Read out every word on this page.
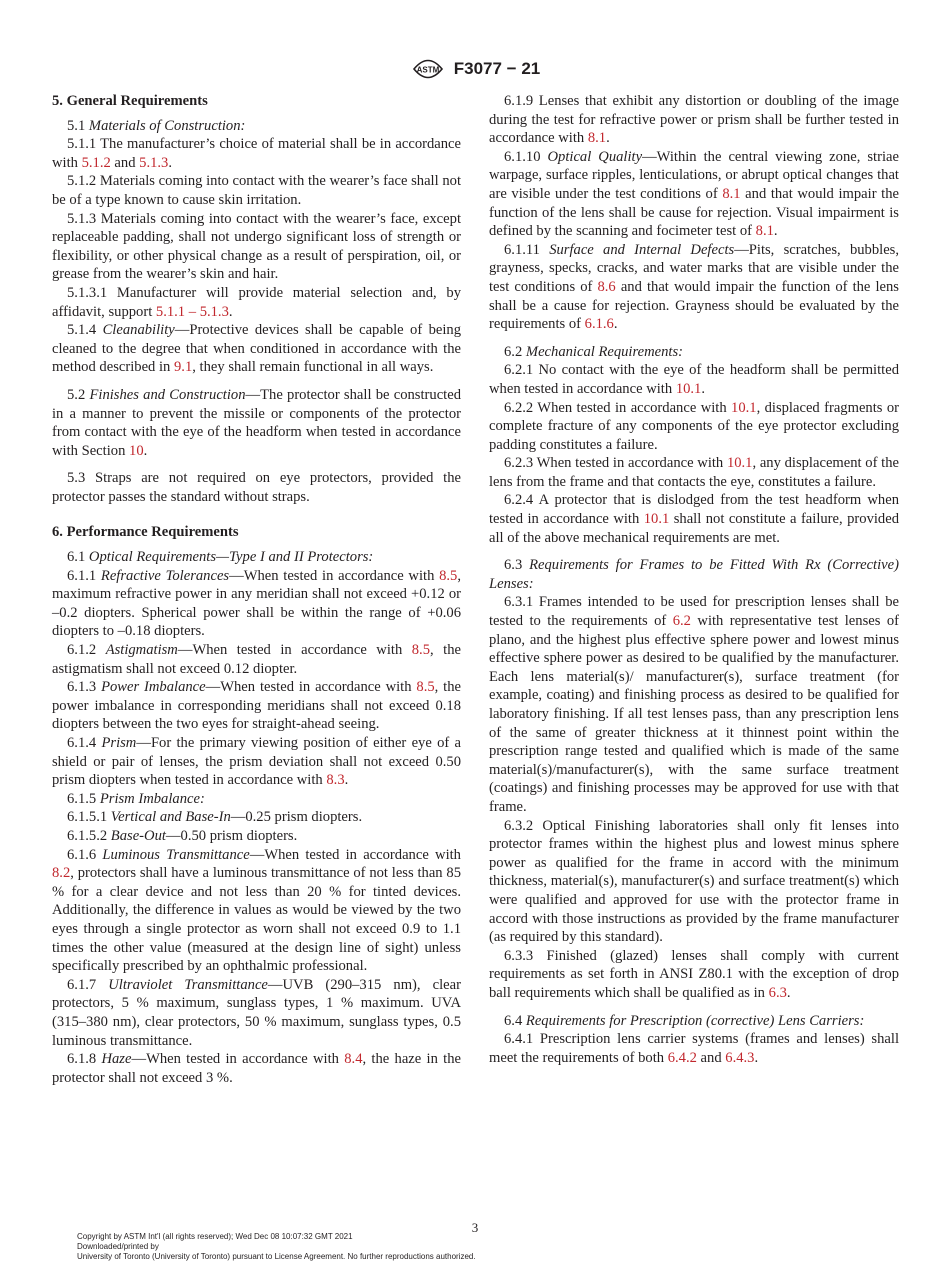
ASTM F3077 − 21
5. General Requirements

5.1 Materials of Construction:

5.1.1 The manufacturer’s choice of material shall be in accordance with 5.1.2 and 5.1.3.

5.1.2 Materials coming into contact with the wearer’s face shall not be of a type known to cause skin irritation.

5.1.3 Materials coming into contact with the wearer’s face, except replaceable padding, shall not undergo significant loss of strength or flexibility, or other physical change as a result of perspiration, oil, or grease from the wearer’s skin and hair.

5.1.3.1 Manufacturer will provide material selection and, by affidavit, support 5.1.1 – 5.1.3.

5.1.4 Cleanability—Protective devices shall be capable of being cleaned to the degree that when conditioned in accordance with the method described in 9.1, they shall remain functional in all ways.

5.2 Finishes and Construction—The protector shall be constructed in a manner to prevent the missile or components of the protector from contact with the eye of the headform when tested in accordance with Section 10.

5.3 Straps are not required on eye protectors, provided the protector passes the standard without straps.

6. Performance Requirements

6.1 Optical Requirements—Type I and II Protectors:

6.1.1 Refractive Tolerances—When tested in accordance with 8.5, maximum refractive power in any meridian shall not exceed +0.12 or –0.2 diopters. Spherical power shall be within the range of +0.06 diopters to –0.18 diopters.

6.1.2 Astigmatism—When tested in accordance with 8.5, the astigmatism shall not exceed 0.12 diopter.

6.1.3 Power Imbalance—When tested in accordance with 8.5, the power imbalance in corresponding meridians shall not exceed 0.18 diopters between the two eyes for straight-ahead seeing.

6.1.4 Prism—For the primary viewing position of either eye of a shield or pair of lenses, the prism deviation shall not exceed 0.50 prism diopters when tested in accordance with 8.3.

6.1.5 Prism Imbalance:

6.1.5.1 Vertical and Base-In—0.25 prism diopters.

6.1.5.2 Base-Out—0.50 prism diopters.

6.1.6 Luminous Transmittance—When tested in accordance with 8.2, protectors shall have a luminous transmittance of not less than 85 % for a clear device and not less than 20 % for tinted devices. Additionally, the difference in values as would be viewed by the two eyes through a single protector as worn shall not exceed 0.9 to 1.1 times the other value (measured at the design line of sight) unless specifically prescribed by an ophthalmic professional.

6.1.7 Ultraviolet Transmittance—UVB (290–315 nm), clear protectors, 5 % maximum, sunglass types, 1 % maximum. UVA (315–380 nm), clear protectors, 50 % maximum, sunglass types, 0.5 luminous transmittance.

6.1.8 Haze—When tested in accordance with 8.4, the haze in the protector shall not exceed 3 %.

6.1.9 Lenses that exhibit any distortion or doubling of the image during the test for refractive power or prism shall be further tested in accordance with 8.1.

6.1.10 Optical Quality—Within the central viewing zone, striae warpage, surface ripples, lenticulations, or abrupt optical changes that are visible under the test conditions of 8.1 and that would impair the function of the lens shall be cause for rejection. Visual impairment is defined by the scanning and focimeter test of 8.1.

6.1.11 Surface and Internal Defects—Pits, scratches, bubbles, grayness, specks, cracks, and water marks that are visible under the test conditions of 8.6 and that would impair the function of the lens shall be a cause for rejection. Grayness should be evaluated by the requirements of 6.1.6.

6.2 Mechanical Requirements:

6.2.1 No contact with the eye of the headform shall be permitted when tested in accordance with 10.1.

6.2.2 When tested in accordance with 10.1, displaced fragments or complete fracture of any components of the eye protector excluding padding constitutes a failure.

6.2.3 When tested in accordance with 10.1, any displacement of the lens from the frame and that contacts the eye, constitutes a failure.

6.2.4 A protector that is dislodged from the test headform when tested in accordance with 10.1 shall not constitute a failure, provided all of the above mechanical requirements are met.

6.3 Requirements for Frames to be Fitted With Rx (Corrective) Lenses:

6.3.1 Frames intended to be used for prescription lenses shall be tested to the requirements of 6.2 with representative test lenses of plano, and the highest plus effective sphere power and lowest minus effective sphere power as desired to be qualified by the manufacturer. Each lens material(s)/ manufacturer(s), surface treatment (for example, coating) and finishing process as desired to be qualified for laboratory finishing. If all test lenses pass, than any prescription lens of the same of greater thickness at it thinnest point within the prescription range tested and qualified which is made of the same material(s)/manufacturer(s), with the same surface treatment (coatings) and finishing processes may be approved for use with that frame.

6.3.2 Optical Finishing laboratories shall only fit lenses into protector frames within the highest plus and lowest minus sphere power as qualified for the frame in accord with the minimum thickness, material(s), manufacturer(s) and surface treatment(s) which were qualified and approved for use with the protector frame in accord with those instructions as provided by the frame manufacturer (as required by this standard).

6.3.3 Finished (glazed) lenses shall comply with current requirements as set forth in ANSI Z80.1 with the exception of drop ball requirements which shall be qualified as in 6.3.

6.4 Requirements for Prescription (corrective) Lens Carriers:

6.4.1 Prescription lens carrier systems (frames and lenses) shall meet the requirements of both 6.4.2 and 6.4.3.

3
Copyright by ASTM Int'l (all rights reserved); Wed Dec 08 10:07:32 GMT 2021
Downloaded/printed by
University of Toronto (University of Toronto) pursuant to License Agreement. No further reproductions authorized.
